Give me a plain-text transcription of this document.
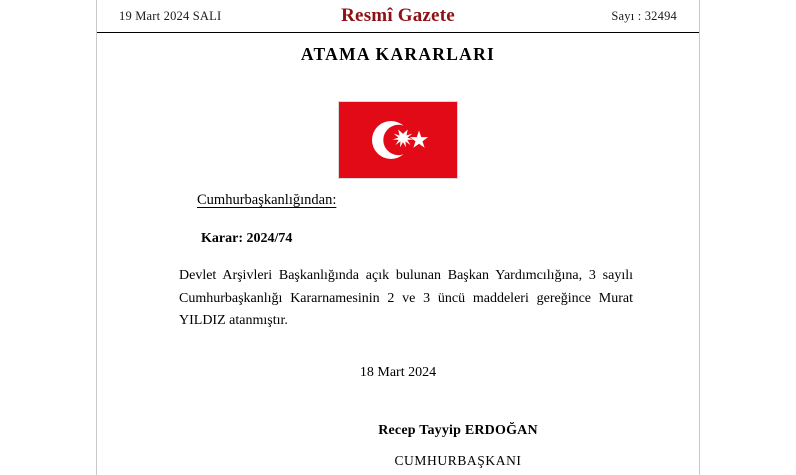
19 Mart 2024 SALI	Resmî Gazete	Sayı : 32494
ATAMA KARARLARI
Cumhurbaşkanlığından:
Karar: 2024/74

Devlet Arşivleri Başkanlığında açık bulunan Başkan Yardımcılığına, 3 sayılı Cumhurbaşkanlığı Kararnamesinin 2 ve 3 üncü maddeleri gereğince Murat YILDIZ atanmıştır.

18 Mart 2024
Recep Tayyip ERDOĞAN
CUMHURBAŞKANI
